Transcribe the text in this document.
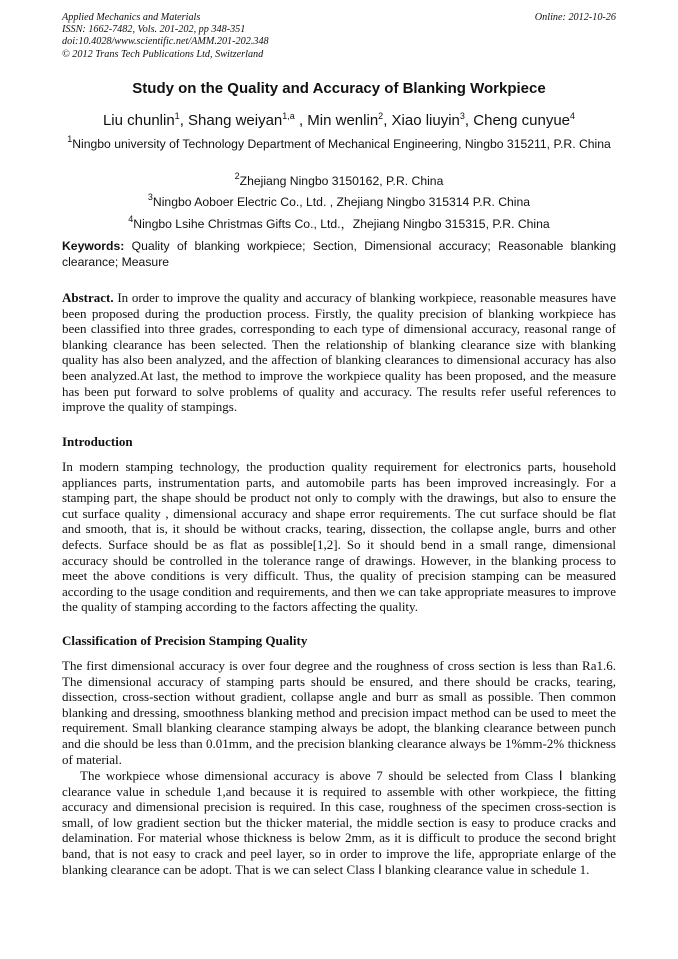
Applied Mechanics and Materials
ISSN: 1662-7482, Vols. 201-202, pp 348-351
doi:10.4028/www.scientific.net/AMM.201-202.348
© 2012 Trans Tech Publications Ltd, Switzerland
Online: 2012-10-26
Study on the Quality and Accuracy of Blanking Workpiece
Liu chunlin$^1$, Shang weiyan$^{1,a}$ , Min wenlin$^2$, Xiao liuyin$^3$, Cheng cunyue$^4$
$^1$Ningbo university of Technology Department of Mechanical Engineering, Ningbo 315211, P.R. China
$^2$Zhejiang Ningbo 3150162, P.R. China
$^3$Ningbo Aoboer Electric Co., Ltd. , Zhejiang Ningbo 315314 P.R. China
$^4$Ningbo Lsihe Christmas Gifts Co., Ltd.，Zhejiang Ningbo 315315, P.R. China
Keywords: Quality of blanking workpiece; Section, Dimensional accuracy; Reasonable blanking clearance; Measure
Abstract. In order to improve the quality and accuracy of blanking workpiece, reasonable measures have been proposed during the production process. Firstly, the quality precision of blanking workpiece has been classified into three grades, corresponding to each type of dimensional accuracy, reasonal range of blanking clearance has been selected. Then the relationship of blanking clearance size with blanking quality has also been analyzed, and the affection of blanking clearances to dimensional accuracy has also been analyzed.At last, the method to improve the workpiece quality has been proposed, and the measure has been put forward to solve problems of quality and accuracy. The results refer useful references to improve the quality of stampings.
Introduction
In modern stamping technology, the production quality requirement for electronics parts, household appliances parts, instrumentation parts, and automobile parts has been improved increasingly. For a stamping part, the shape should be product not only to comply with the drawings, but also to ensure the cut surface quality , dimensional accuracy and shape error requirements. The cut surface should be flat and smooth, that is, it should be without cracks, tearing, dissection, the collapse angle, burrs and other defects. Surface should be as flat as possible[1,2]. So it should bend in a small range, dimensional accuracy should be controlled in the tolerance range of drawings. However, in the blanking process to meet the above conditions is very difficult. Thus, the quality of precision stamping can be measured according to the usage condition and requirements, and then we can take appropriate measures to improve the quality of stamping according to the factors affecting the quality.
Classification of Precision Stamping Quality
The first dimensional accuracy is over four degree and the roughness of cross section is less than Ra1.6. The dimensional accuracy of stamping parts should be ensured, and there should be cracks, tearing, dissection, cross-section without gradient, collapse angle and burr as small as possible. Then common blanking and dressing, smoothness blanking method and precision impact method can be used to meet the requirement. Small blanking clearance stamping always be adopt, the blanking clearance between punch and die should be less than 0.01mm, and the precision blanking clearance always be 1%mm-2% thickness of material.
The workpiece whose dimensional accuracy is above 7 should be selected from Class Ⅰ blanking clearance value in schedule 1,and because it is required to assemble with other workpiece, the fitting accuracy and dimensional precision is required. In this case, roughness of the specimen cross-section is small, of low gradient section but the thicker material, the middle section is easy to produce cracks and delamination. For material whose thickness is below 2mm, as it is difficult to produce the second bright band, that is not easy to crack and peel layer, so in order to improve the life, appropriate enlarge of the blanking clearance can be adopt. That is we can select Class Ⅰ blanking clearance value in schedule 1.
